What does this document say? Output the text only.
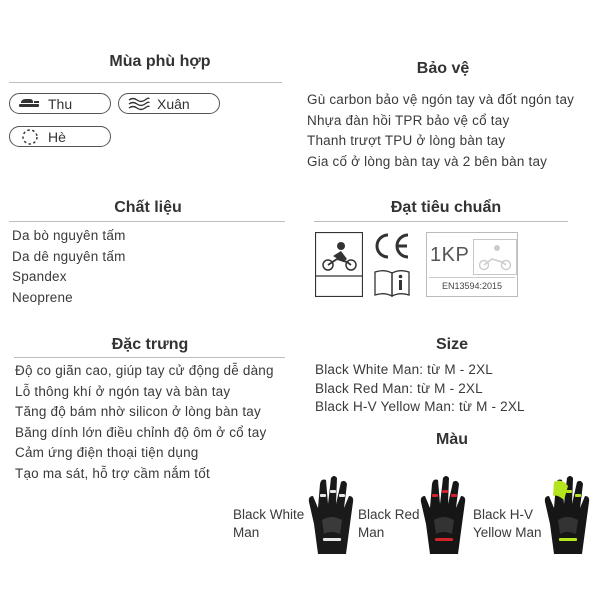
Mùa phù hợp
Thu	Xuân
Hè
Bảo vệ
Gù carbon bảo vệ ngón tay và đốt ngón tay
Nhựa đàn hồi TPR bảo vệ cổ tay
Thanh trượt TPU ở lòng bàn tay
Gia cố ở lòng bàn tay và 2 bên bàn tay
Chất liệu
Da bò nguyên tấm
Da dê nguyên tấm
Spandex
Neoprene
Đạt tiêu chuẩn
1KP
EN13594:2015
Đặc trưng
Độ co giãn cao, giúp tay cử động dễ dàng
Lỗ thông khí ở ngón tay và bàn tay
Tăng độ bám nhờ silicon ở lòng bàn tay
Băng dính lớn điều chỉnh độ ôm ở cổ tay
Cảm ứng điện thoại tiện dụng
Tạo ma sát, hỗ trợ cầm nắm tốt
Size
Black White Man: từ M - 2XL
Black Red Man: từ M - 2XL
Black H-V Yellow Man: từ M - 2XL
Màu
Black White
Man
Black Red
Man
Black H-V
Yellow Man
